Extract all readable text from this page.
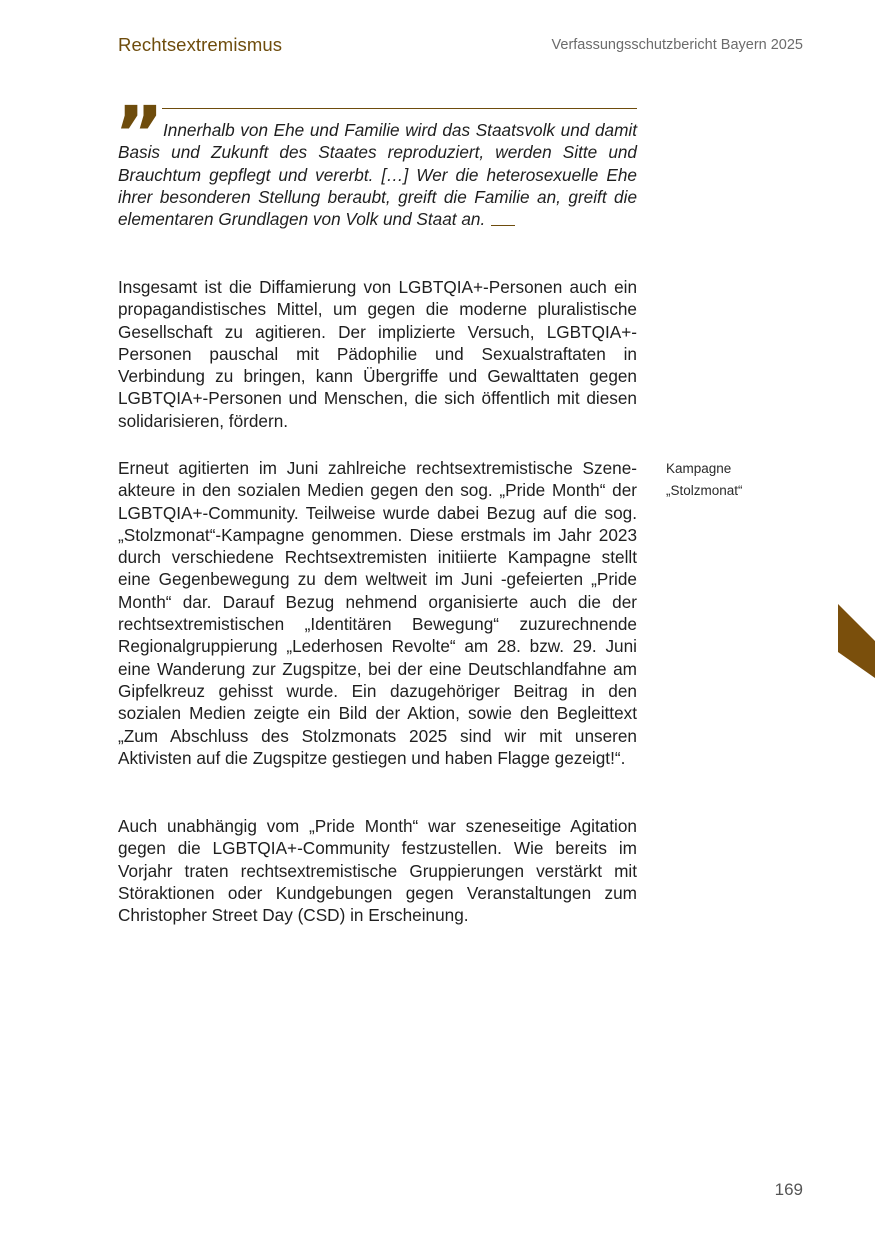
Rechtsextremismus	Verfassungsschutzbericht Bayern 2025
” Innerhalb von Ehe und Familie wird das Staatsvolk und damit Basis und Zukunft des Staates reproduziert, werden Sitte und Brauchtum gepflegt und vererbt. […] Wer die heterosexuelle Ehe ihrer besonderen Stellung beraubt, greift die Familie an, greift die elementaren Grundlagen von Volk und Staat an.
Insgesamt ist die Diffamierung von LGBTQIA+-Personen auch ein propagandistisches Mittel, um gegen die moderne pluralistische Gesellschaft zu agitieren. Der implizierte Versuch, LGBTQIA+-Personen pauschal mit Pädophilie und Sexualstraftaten in Verbindung zu bringen, kann Übergriffe und Gewalttaten gegen LGBTQIA+-Personen und Menschen, die sich öffentlich mit diesen solidarisieren, fördern.
Erneut agitierten im Juni zahlreiche rechtsextremistische Szeneakteure in den sozialen Medien gegen den sog. „Pride Month“ der LGBTQIA+-Community. Teilweise wurde dabei Bezug auf die sog. „Stolzmonat“-Kampagne genommen. Diese erstmals im Jahr 2023 durch verschiedene Rechtsextremisten initiierte Kampagne stellt eine Gegenbewegung zu dem weltweit im Juni -gefeierten „Pride Month“ dar. Darauf Bezug nehmend organisierte auch die der rechtsextremistischen „Identitären Bewegung“ zuzurechnende Regionalgruppierung „Lederhosen Revolte“ am 28. bzw. 29. Juni eine Wanderung zur Zugspitze, bei der eine Deutschlandfahne am Gipfelkreuz gehisst wurde. Ein dazugehöriger Beitrag in den sozialen Medien zeigte ein Bild der Aktion, sowie den Begleittext „Zum Abschluss des Stolzmonats 2025 sind wir mit unseren Aktivisten auf die Zugspitze gestiegen und haben Flagge gezeigt!“.
Auch unabhängig vom „Pride Month“ war szeneseitige Agitation gegen die LGBTQIA+-Community festzustellen. Wie bereits im Vorjahr traten rechtsextremistische Gruppierungen verstärkt mit Störaktionen oder Kundgebungen gegen Veranstaltungen zum Christopher Street Day (CSD) in Erscheinung.
Kampagne
„Stolzmonat“
169
